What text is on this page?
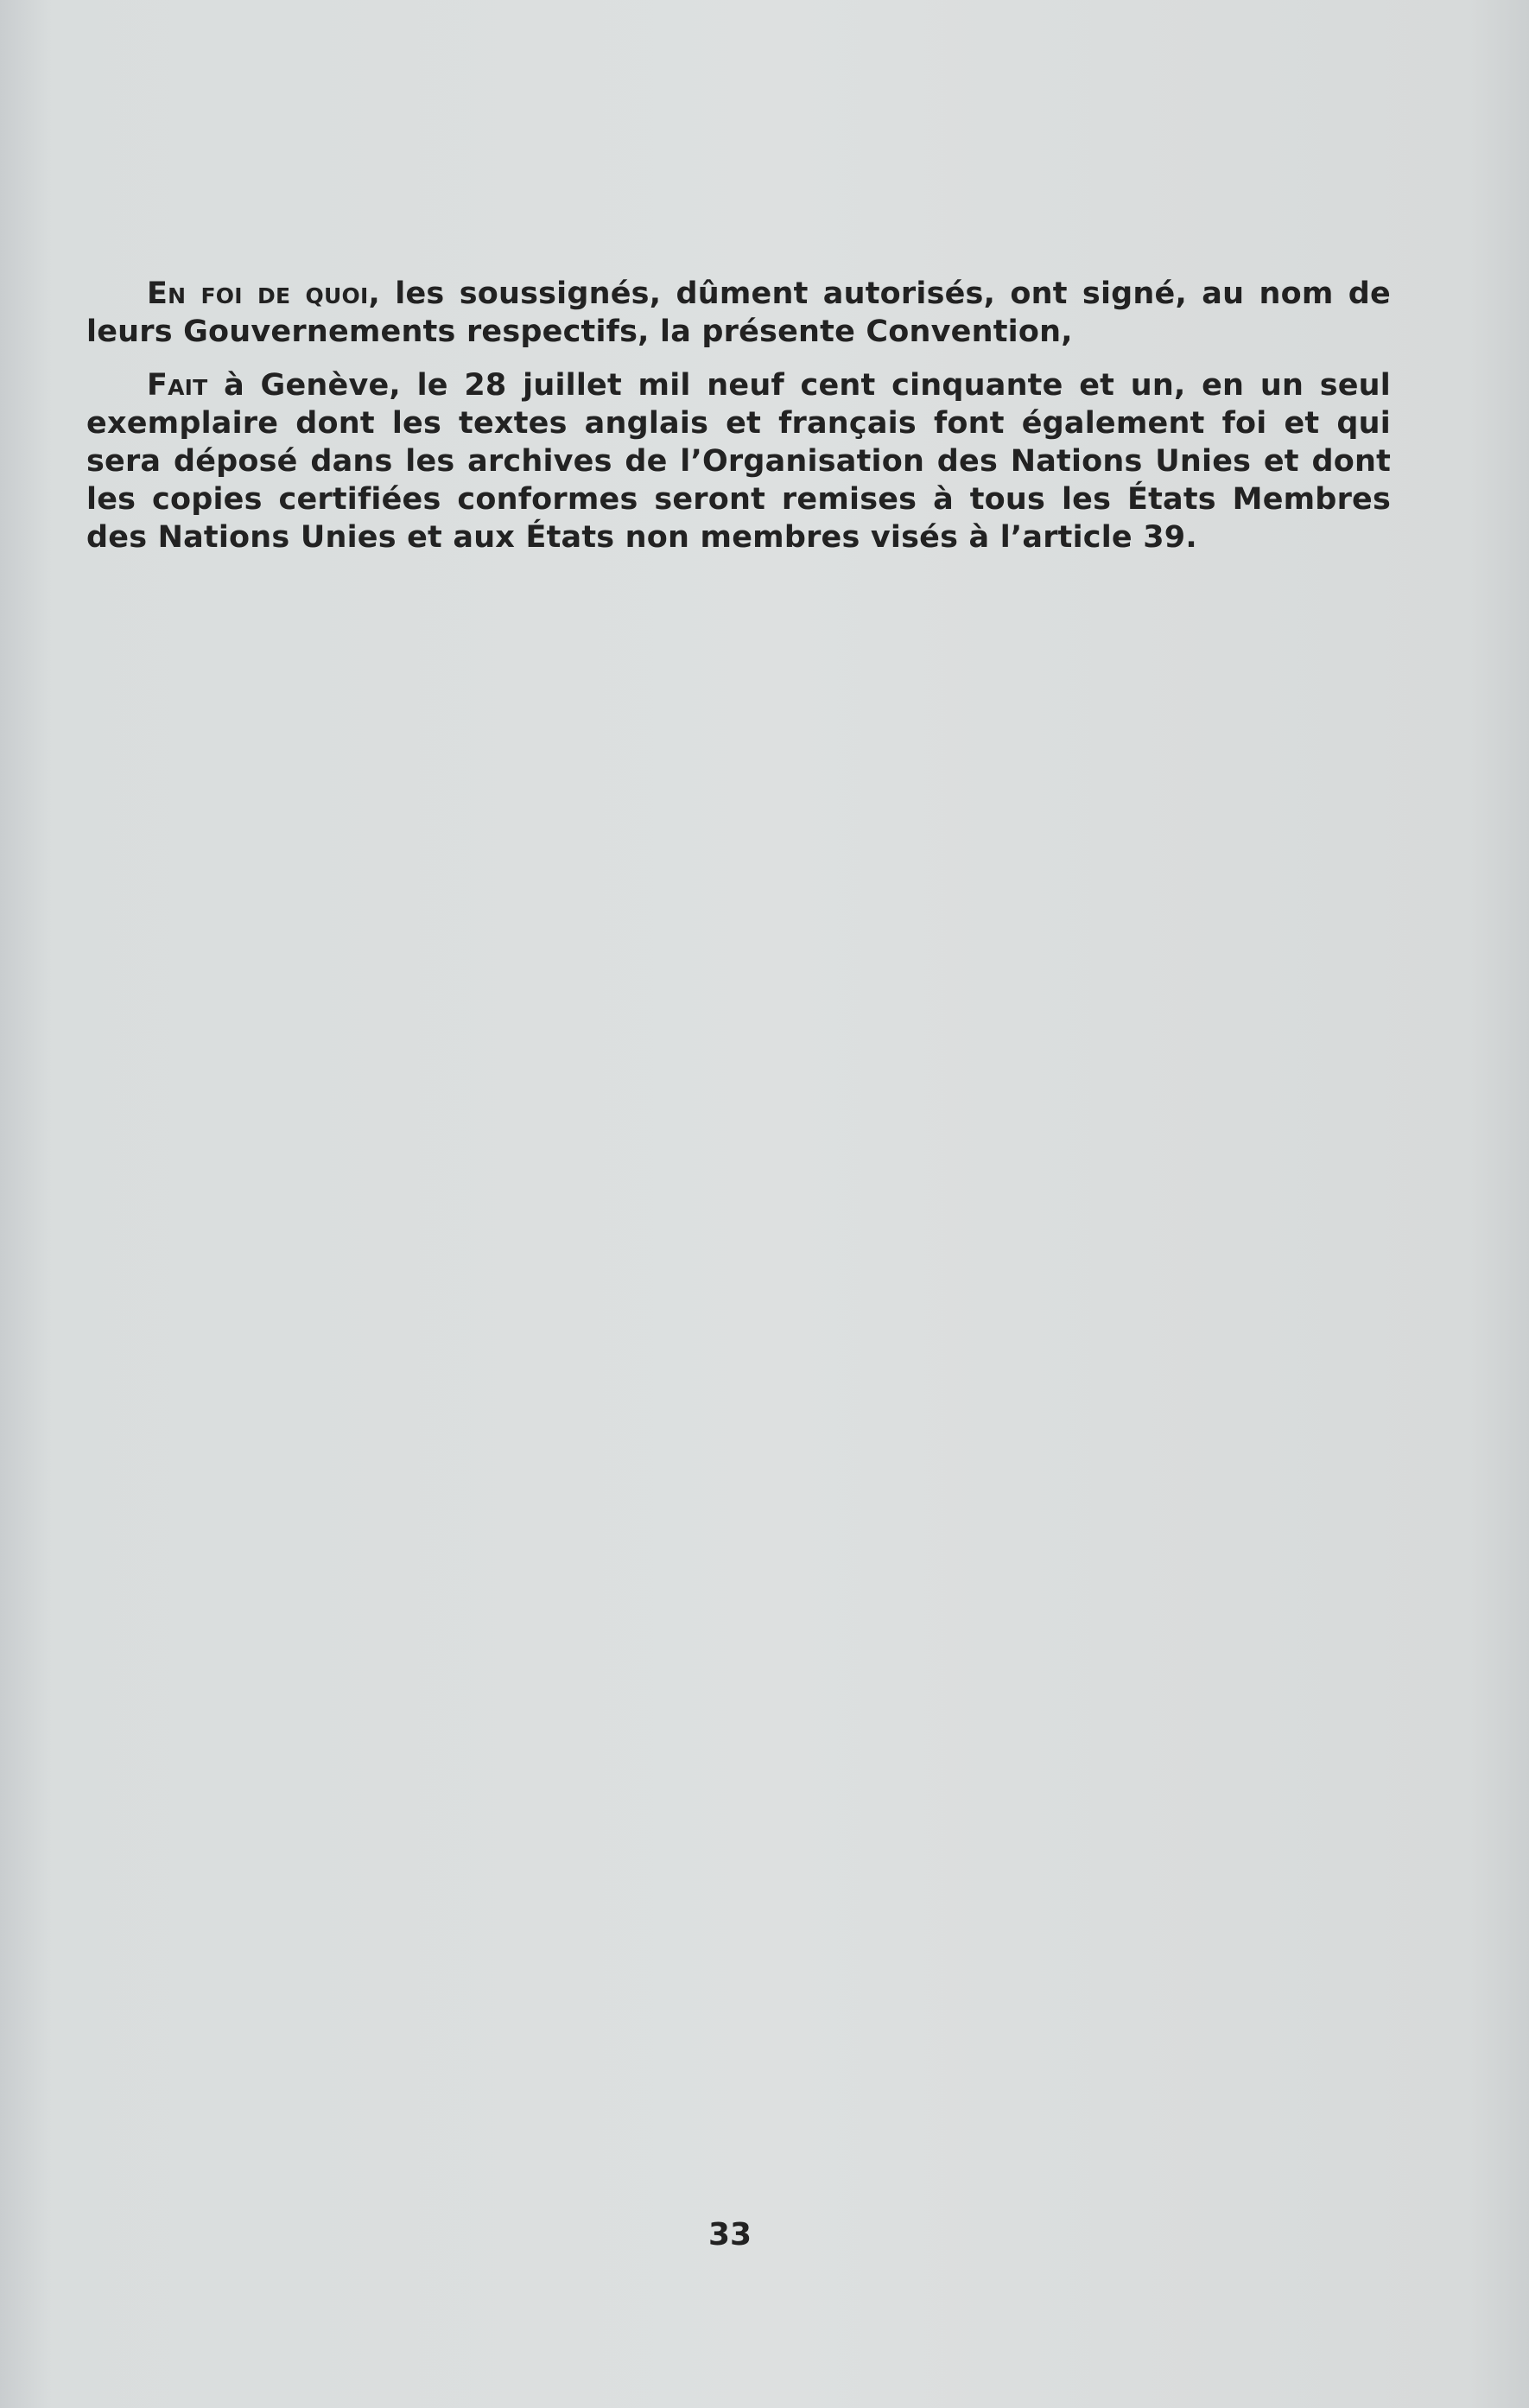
En foi de quoi, les soussignés, dûment autorisés, ont signé, au nom de leurs Gouvernements respectifs, la présente Convention,

Fait à Genève, le 28 juillet mil neuf cent cinquante et un, en un seul exemplaire dont les textes anglais et français font également foi et qui sera déposé dans les archives de l’Organisation des Nations Unies et dont les copies certifiées conformes seront remises à tous les États Membres des Nations Unies et aux États non membres visés à l’article 39.

33
